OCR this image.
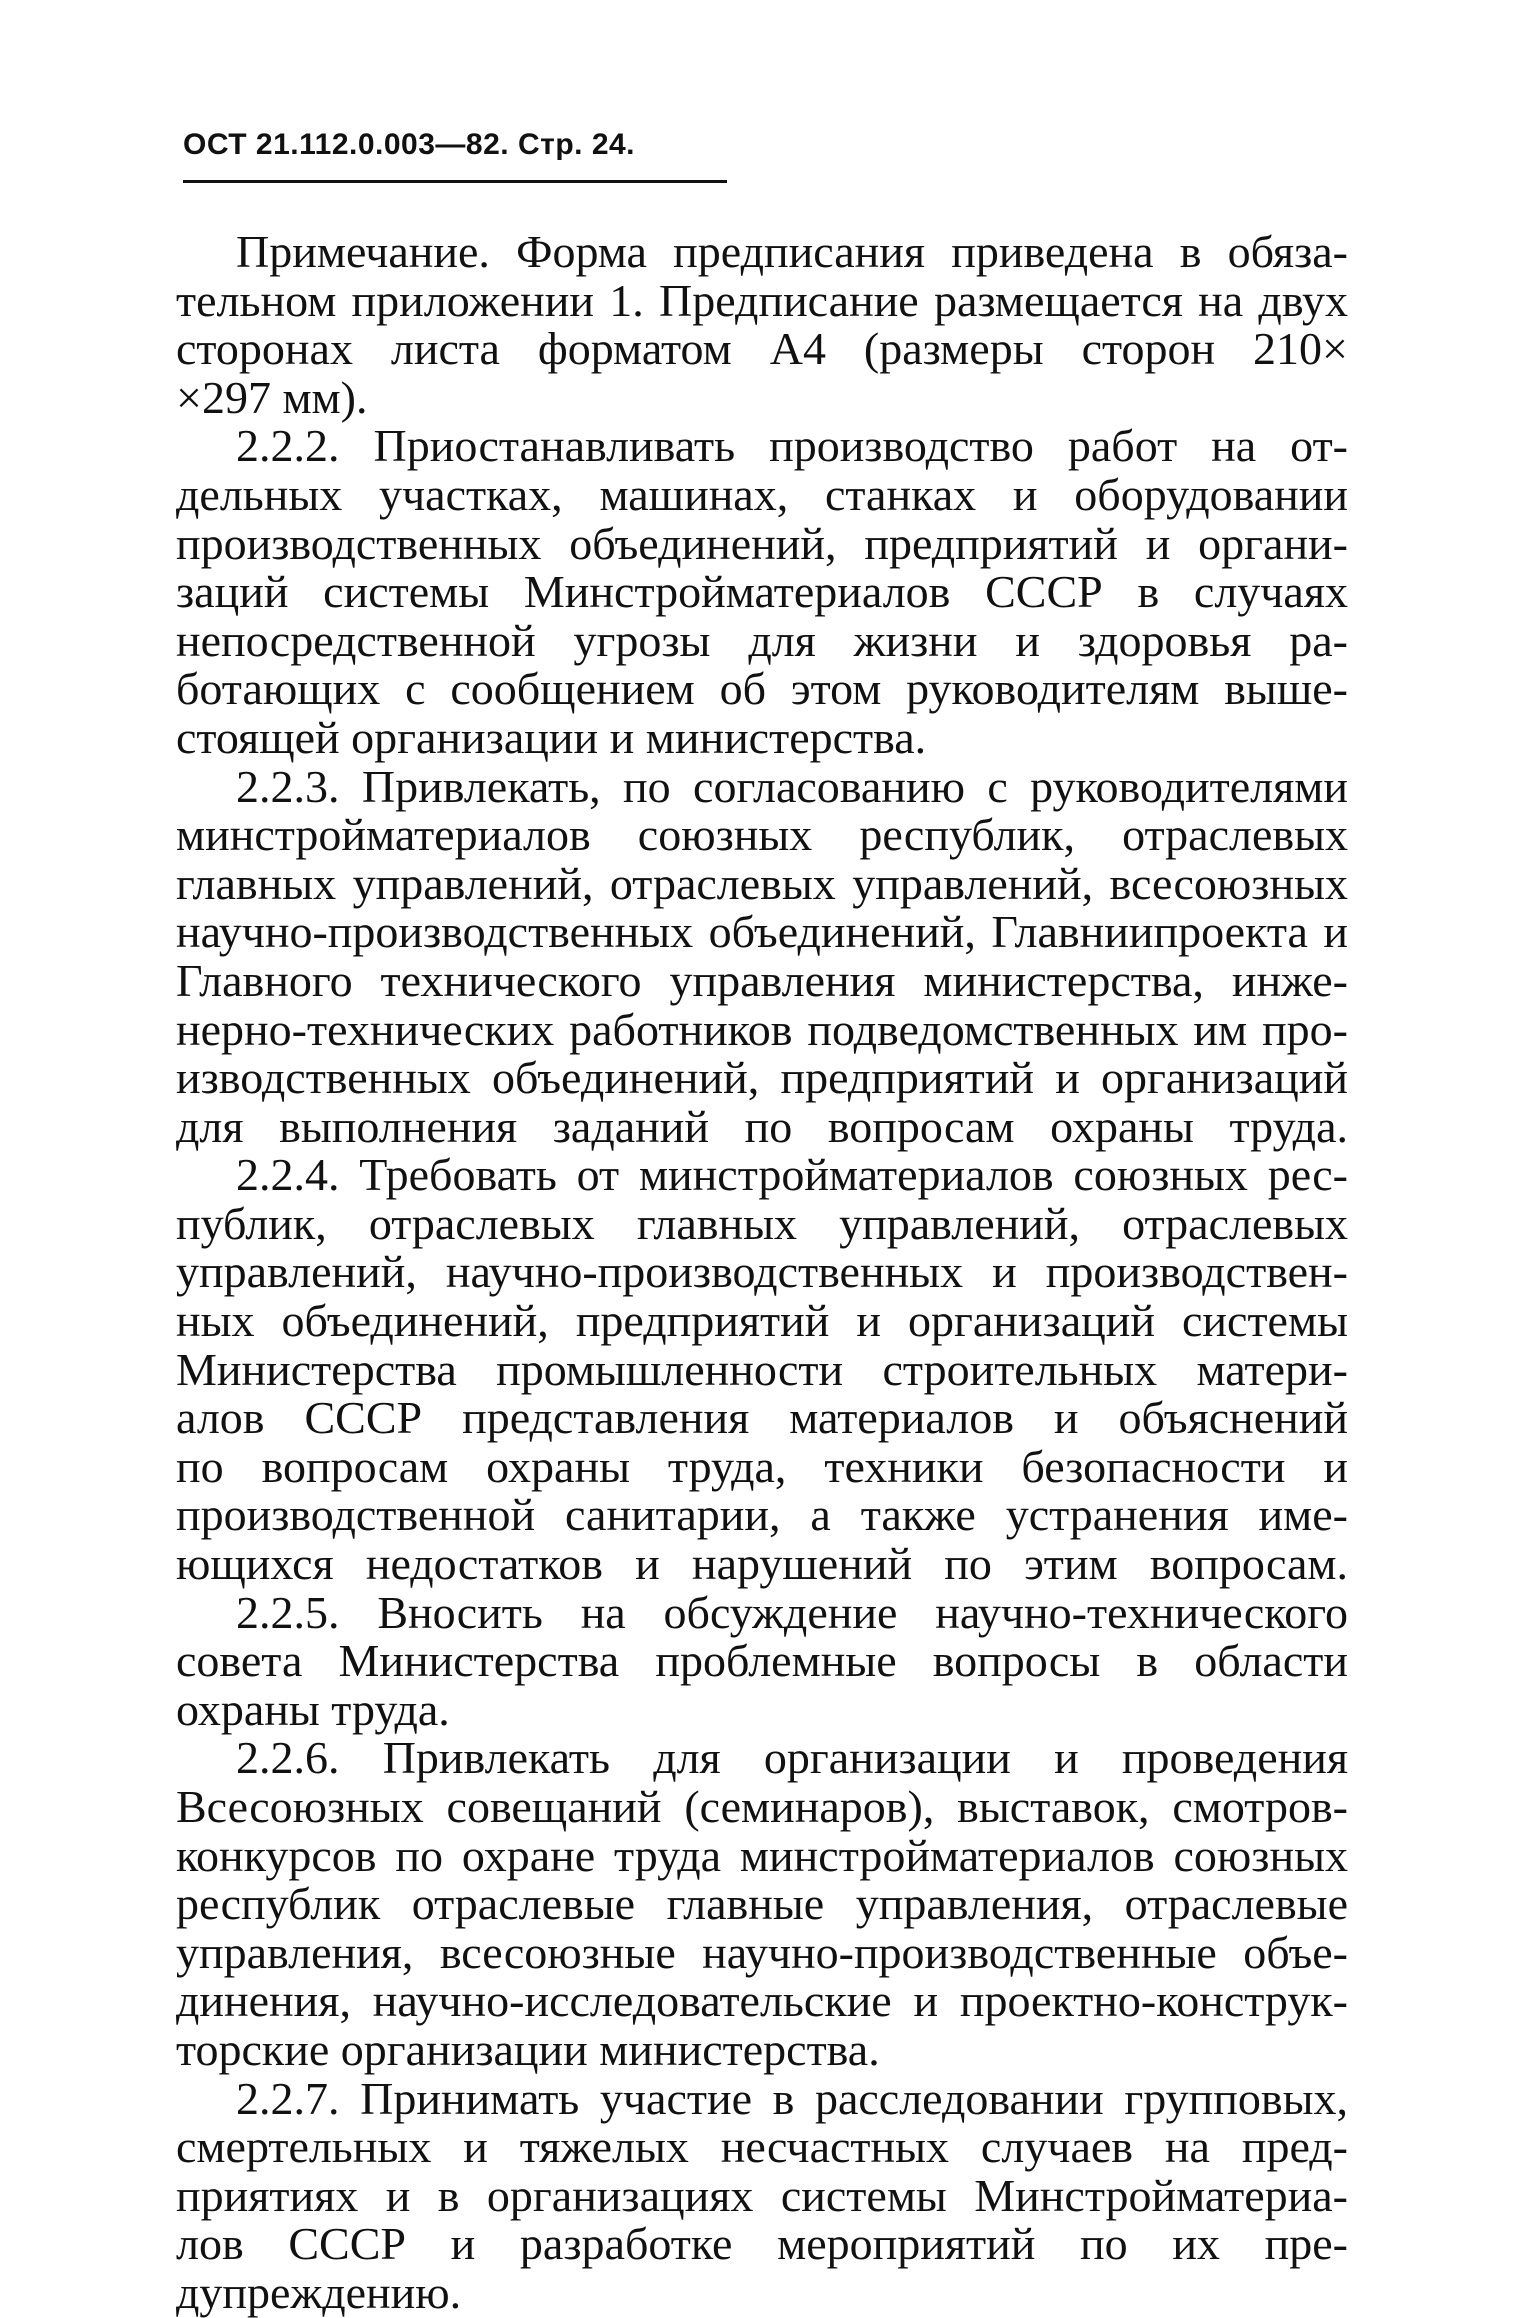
ОСТ 21.112.0.003—82. Стр. 24.
Примечание. Форма предписания приведена в обяза-
тельном приложении 1. Предписание размещается на двух
сторонах листа форматом А4 (размеры сторон 210×
×297 мм).
2.2.2. Приостанавливать производство работ на от-
дельных участках, машинах, станках и оборудовании
производственных объединений, предприятий и органи-
заций системы Минстройматериалов СССР в случаях
непосредственной угрозы для жизни и здоровья ра-
ботающих с сообщением об этом руководителям выше-
стоящей организации и министерства.
2.2.3. Привлекать, по согласованию с руководителями
минстройматериалов союзных республик, отраслевых
главных управлений, отраслевых управлений, всесоюзных
научно-производственных объединений, Главниипроекта и
Главного технического управления министерства, инже-
нерно-технических работников подведомственных им про-
изводственных объединений, предприятий и организаций
для выполнения заданий по вопросам охраны труда.
2.2.4. Требовать от минстройматериалов союзных рес-
публик, отраслевых главных управлений, отраслевых
управлений, научно-производственных и производствен-
ных объединений, предприятий и организаций системы
Министерства промышленности строительных матери-
алов СССР представления материалов и объяснений
по вопросам охраны труда, техники безопасности и
производственной санитарии, а также устранения име-
ющихся недостатков и нарушений по этим вопросам.
2.2.5. Вносить на обсуждение научно-технического
совета Министерства проблемные вопросы в области
охраны труда.
2.2.6. Привлекать для организации и проведения
Всесоюзных совещаний (семинаров), выставок, смотров-
конкурсов по охране труда минстройматериалов союзных
республик отраслевые главные управления, отраслевые
управления, всесоюзные научно-производственные объе-
динения, научно-исследовательские и проектно-конструк-
торские организации министерства.
2.2.7. Принимать участие в расследовании групповых,
смертельных и тяжелых несчастных случаев на пред-
приятиях и в организациях системы Минстройматериа-
лов СССР и разработке мероприятий по их пре-
дупреждению.
